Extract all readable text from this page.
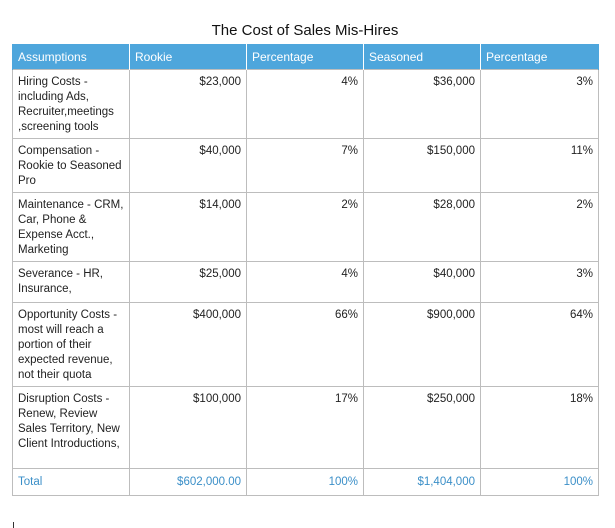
The Cost of Sales Mis-Hires
Assumptions	Rookie	Percentage	Seasoned	Percentage
Hiring Costs - including Ads, Recruiter,meetings ,screening tools	$23,000	4%	$36,000	3%
Compensation - Rookie to Seasoned Pro	$40,000	7%	$150,000	11%
Maintenance - CRM, Car, Phone & Expense Acct., Marketing	$14,000	2%	$28,000	2%
Severance - HR, Insurance,	$25,000	4%	$40,000	3%
Opportunity Costs - most will reach a portion of their expected revenue, not their quota	$400,000	66%	$900,000	64%
Disruption Costs - Renew, Review Sales Territory, New Client Introductions,	$100,000	17%	$250,000	18%
Total	$602,000.00	100%	$1,404,000	100%
